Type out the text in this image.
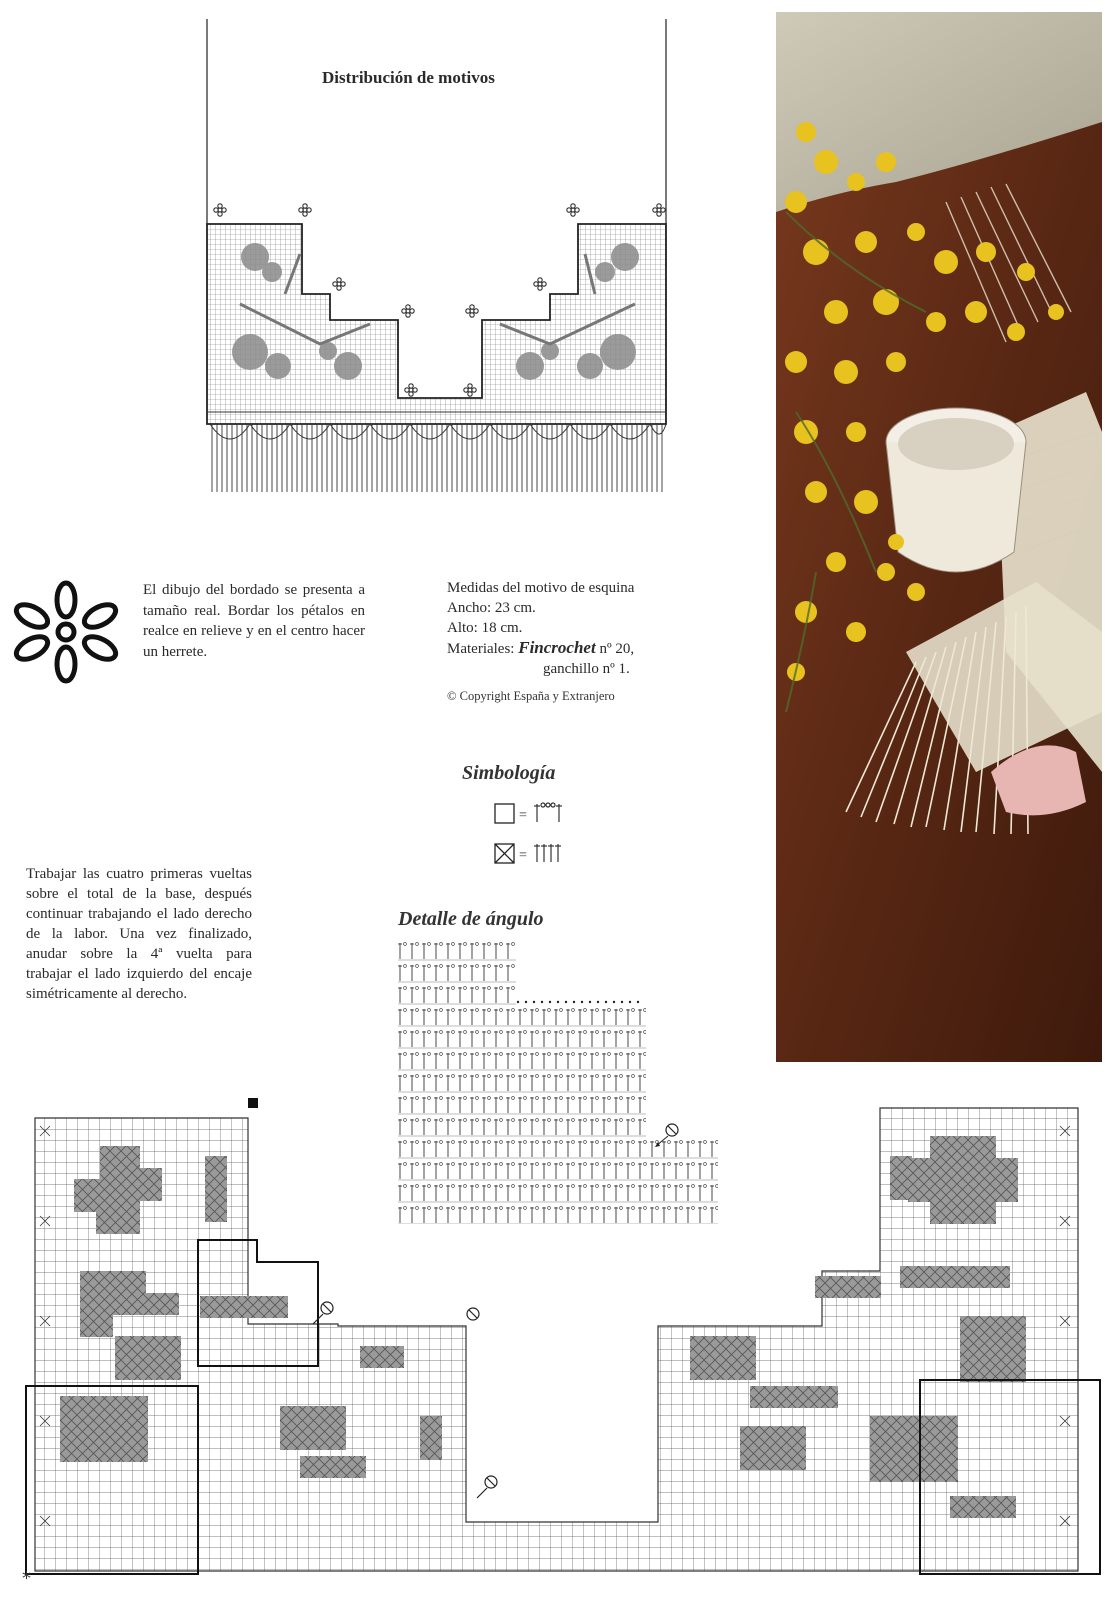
Distribución de motivos
El dibujo del bordado se presenta a tamaño real. Bordar los pétalos en realce en relieve y en el centro hacer un herrete.
Medidas del motivo de esquina
Ancho: 23 cm.
Alto: 18 cm.
Materiales: Fincrochet nº 20,
ganchillo nº 1.
© Copyright España y Extranjero
Simbología
=
=
Detalle de ángulo
Trabajar las cuatro primeras vueltas sobre el total de la base, después continuar trabajando el lado derecho de la labor. Una vez finalizado, anudar sobre la 4ª vuelta para trabajar el lado izquierdo del encaje simétricamente al derecho.
*
